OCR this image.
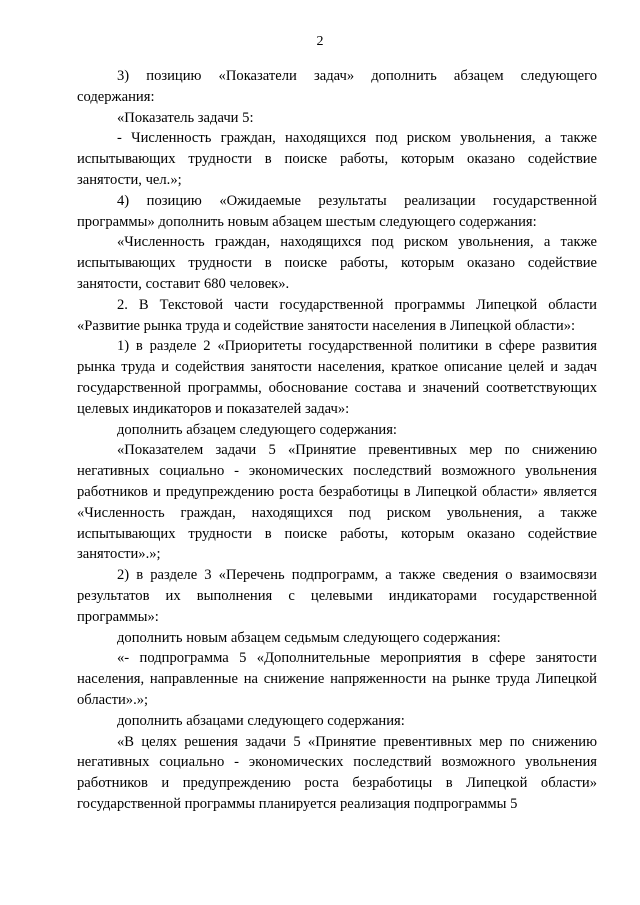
2

3) позицию «Показатели задач» дополнить абзацем следующего содержания:

«Показатель задачи 5:

- Численность граждан, находящихся под риском увольнения, а также испытывающих трудности в поиске работы, которым оказано содействие занятости, чел.»;

4) позицию «Ожидаемые результаты реализации государственной программы» дополнить новым абзацем шестым следующего содержания:

«Численность граждан, находящихся под риском увольнения, а также испытывающих трудности в поиске работы, которым оказано содействие занятости, составит 680 человек».

2. В Текстовой части государственной программы Липецкой области «Развитие рынка труда и содействие занятости населения в Липецкой области»:

1) в разделе 2 «Приоритеты государственной политики в сфере развития рынка труда и содействия занятости населения, краткое описание целей и задач государственной программы, обоснование состава и значений соответствующих целевых индикаторов и показателей задач»:

дополнить абзацем следующего содержания:

«Показателем задачи 5 «Принятие превентивных мер по снижению негативных социально - экономических последствий возможного увольнения работников и предупреждению роста безработицы в Липецкой области» является «Численность граждан, находящихся под риском увольнения, а также испытывающих трудности в поиске работы, которым оказано содействие занятости».»;

2) в разделе 3 «Перечень подпрограмм, а также сведения о взаимосвязи результатов их выполнения с целевыми индикаторами государственной программы»:

дополнить новым абзацем седьмым следующего содержания:

«- подпрограмма 5 «Дополнительные мероприятия в сфере занятости населения, направленные на снижение напряженности на рынке труда Липецкой области».»;

дополнить абзацами следующего содержания:

«В целях решения задачи 5 «Принятие превентивных мер по снижению негативных социально - экономических последствий возможного увольнения работников и предупреждению роста безработицы в Липецкой области» государственной программы планируется реализация подпрограммы 5
